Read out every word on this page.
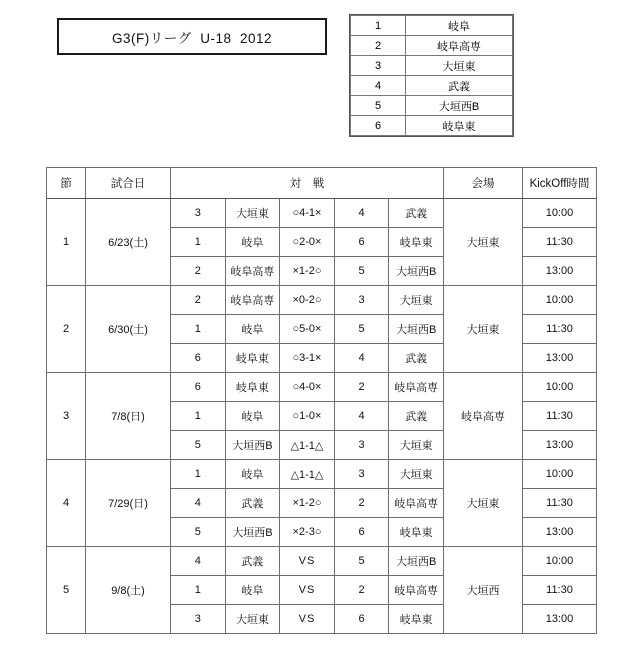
G3(F)リーグ  U-18  2012
1	岐阜
2	岐阜高専
3	大垣東
4	武義
5	大垣西B
6	岐阜東
節	試合日	対　戦					会場	KickOff時間
1	6/23(土)	3	大垣東	○4-1×	4	武義	大垣東	10:00
		1	岐阜	○2-0×	6	岐阜東		11:30
		2	岐阜高専	×1-2○	5	大垣西B		13:00
2	6/30(土)	2	岐阜高専	×0-2○	3	大垣東	大垣東	10:00
		1	岐阜	○5-0×	5	大垣西B		11:30
		6	岐阜東	○3-1×	4	武義		13:00
3	7/8(日)	6	岐阜東	○4-0×	2	岐阜高専	岐阜高専	10:00
		1	岐阜	○1-0×	4	武義		11:30
		5	大垣西B	△1-1△	3	大垣東		13:00
4	7/29(日)	1	岐阜	△1-1△	3	大垣東	大垣東	10:00
		4	武義	×1-2○	2	岐阜高専		11:30
		5	大垣西B	×2-3○	6	岐阜東		13:00
5	9/8(土)	4	武義	VS	5	大垣西B	大垣西	10:00
		1	岐阜	VS	2	岐阜高専		11:30
		3	大垣東	VS	6	岐阜東		13:00
